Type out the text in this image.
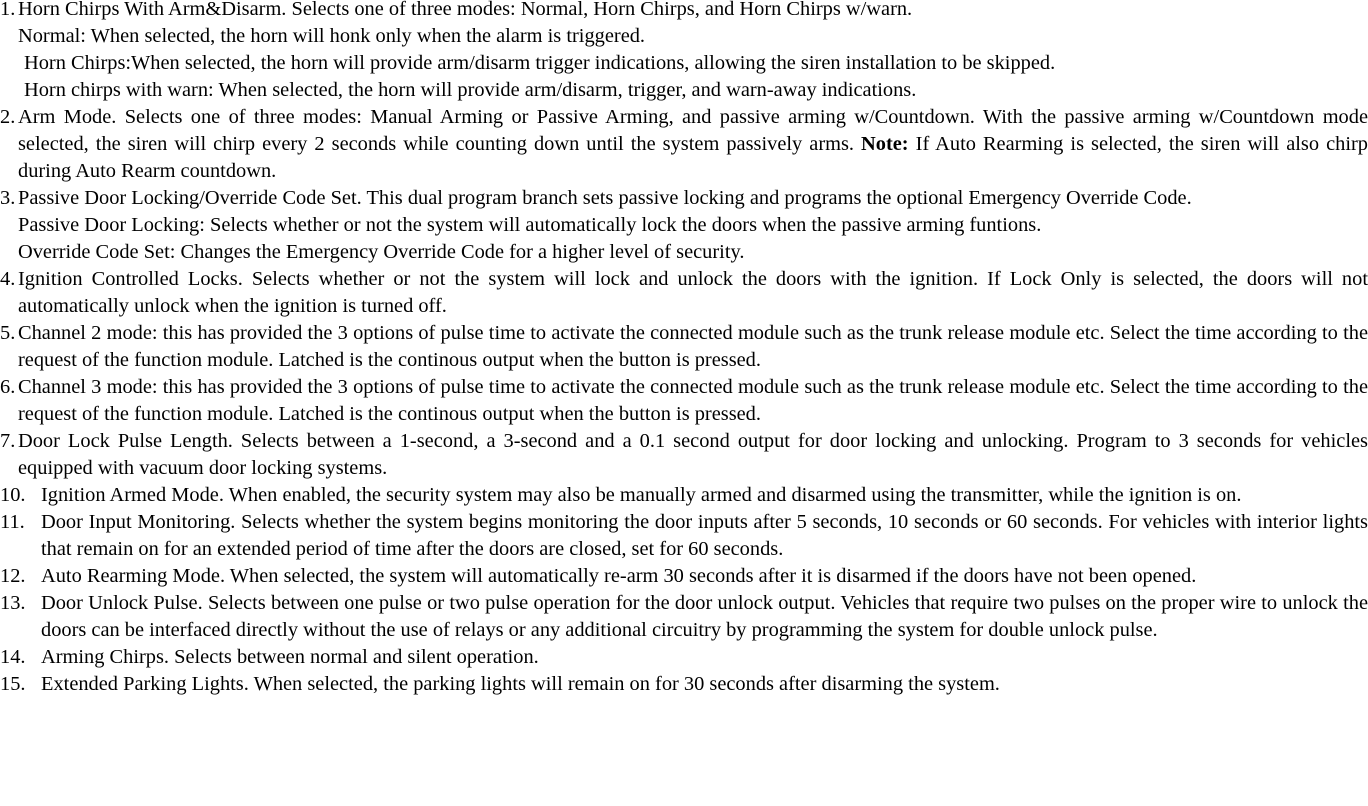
1. Horn Chirps With Arm&Disarm. Selects one of three modes: Normal, Horn Chirps, and Horn Chirps w/warn.
Normal: When selected, the horn will honk only when the alarm is triggered.
Horn Chirps:When selected, the horn will provide arm/disarm trigger indications, allowing the siren installation to be skipped.
Horn chirps with warn: When selected, the horn will provide arm/disarm, trigger, and warn-away indications.
2. Arm Mode. Selects one of three modes: Manual Arming or Passive Arming, and passive arming w/Countdown. With the passive arming w/Countdown mode selected, the siren will chirp every 2 seconds while counting down until the system passively arms. Note: If Auto Rearming is selected, the siren will also chirp during Auto Rearm countdown.
3. Passive Door Locking/Override Code Set. This dual program branch sets passive locking and programs the optional Emergency Override Code.
Passive Door Locking: Selects whether or not the system will automatically lock the doors when the passive arming funtions.
Override Code Set: Changes the Emergency Override Code for a higher level of security.
4. Ignition Controlled Locks. Selects whether or not the system will lock and unlock the doors with the ignition. If Lock Only is selected, the doors will not automatically unlock when the ignition is turned off.
5. Channel 2 mode: this has provided the 3 options of pulse time to activate the connected module such as the trunk release module etc. Select the time according to the request of the function module. Latched is the continous output when the button is pressed.
6. Channel 3 mode: this has provided the 3 options of pulse time to activate the connected module such as the trunk release module etc. Select the time according to the request of the function module. Latched is the continous output when the button is pressed.
7. Door Lock Pulse Length. Selects between a 1-second, a 3-second and a 0.1 second output for door locking and unlocking. Program to 3 seconds for vehicles equipped with vacuum door locking systems.
10. Ignition Armed Mode. When enabled, the security system may also be manually armed and disarmed using the transmitter, while the ignition is on.
11. Door Input Monitoring. Selects whether the system begins monitoring the door inputs after 5 seconds, 10 seconds or 60 seconds. For vehicles with interior lights that remain on for an extended period of time after the doors are closed, set for 60 seconds.
12. Auto Rearming Mode. When selected, the system will automatically re-arm 30 seconds after it is disarmed if the doors have not been opened.
13. Door Unlock Pulse. Selects between one pulse or two pulse operation for the door unlock output. Vehicles that require two pulses on the proper wire to unlock the doors can be interfaced directly without the use of relays or any additional circuitry by programming the system for double unlock pulse.
14. Arming Chirps. Selects between normal and silent operation.
15. Extended Parking Lights. When selected, the parking lights will remain on for 30 seconds after disarming the system.
